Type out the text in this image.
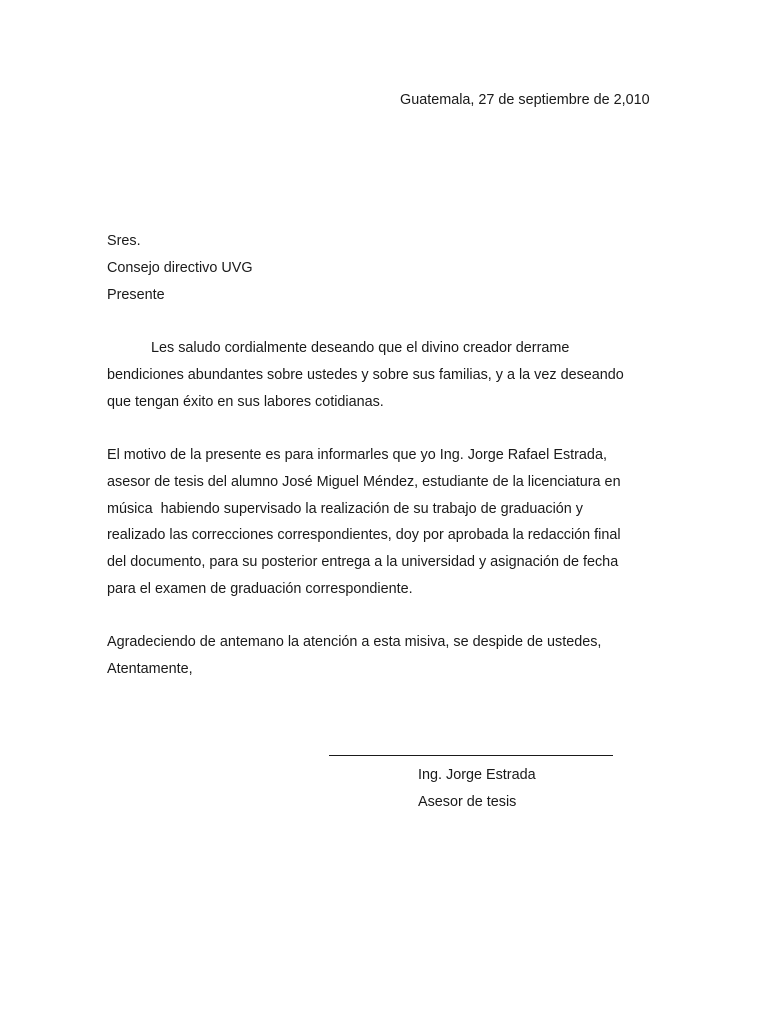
Guatemala, 27 de septiembre de 2,010
Sres.
Consejo directivo UVG
Presente
Les saludo cordialmente deseando que el divino creador derrame
bendiciones abundantes sobre ustedes y sobre sus familias, y a la vez deseando
que tengan éxito en sus labores cotidianas.
El motivo de la presente es para informarles que yo Ing. Jorge Rafael Estrada,
asesor de tesis del alumno José Miguel Méndez, estudiante de la licenciatura en
música  habiendo supervisado la realización de su trabajo de graduación y
realizado las correcciones correspondientes, doy por aprobada la redacción final
del documento, para su posterior entrega a la universidad y asignación de fecha
para el examen de graduación correspondiente.
Agradeciendo de antemano la atención a esta misiva, se despide de ustedes,
Atentamente,
Ing. Jorge Estrada
Asesor de tesis
